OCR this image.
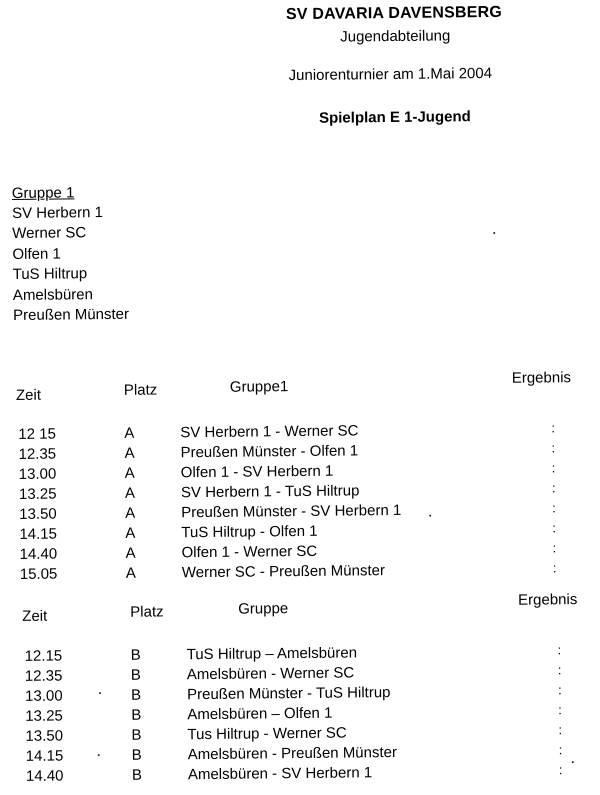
SV DAVARIA DAVENSBERG
Jugendabteilung
Juniorenturnier am 1.Mai 2004
Spielplan E 1-Jugend
Gruppe 1
SV Herbern 1
Werner SC
Olfen 1
TuS Hiltrup
Amelsbüren
Preußen Münster
Zeit	Platz	Gruppe1
Ergebnis
12 15	A	SV Herbern 1 - Werner SC	:
12.35	A	Preußen Münster - Olfen 1	:
13.00	A	Olfen 1 - SV Herbern 1	:
13.25	A	SV Herbern 1 - TuS Hiltrup	:
13.50	A	Preußen Münster - SV Herbern 1	:
14.15	A	TuS Hiltrup - Olfen 1	:
14.40	A	Olfen 1 - Werner SC	:
15.05	A	Werner SC - Preußen Münster	:
Zeit	Platz	Gruppe
Ergebnis
12.15	B	TuS Hiltrup – Amelsbüren	:
12.35	B	Amelsbüren - Werner SC	:
13.00	B	Preußen Münster - TuS Hiltrup	:
13.25	B	Amelsbüren – Olfen 1	:
13.50	B	Tus Hiltrup - Werner SC	:
14.15	B	Amelsbüren - Preußen Münster	:
14.40	B	Amelsbüren - SV Herbern 1	:
